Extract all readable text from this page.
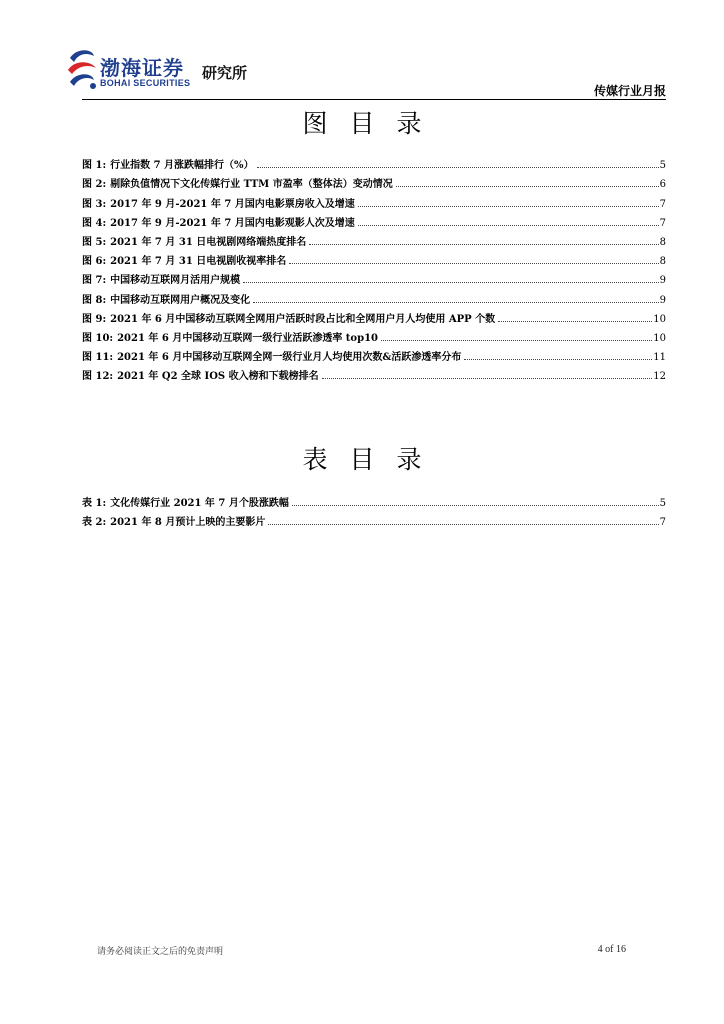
渤海证券
BOHAI SECURITIES
研究所
传媒行业月报
图目录
图 1: 行业指数 7 月涨跌幅排行（%）	5
图 2: 剔除负值情况下文化传媒行业 TTM 市盈率（整体法）变动情况	6
图 3: 2017 年 9 月-2021 年 7 月国内电影票房收入及增速	7
图 4: 2017 年 9 月-2021 年 7 月国内电影观影人次及增速	7
图 5: 2021 年 7 月 31 日电视剧网络端热度排名	8
图 6: 2021 年 7 月 31 日电视剧收视率排名	8
图 7: 中国移动互联网月活用户规模	9
图 8: 中国移动互联网用户概况及变化	9
图 9: 2021 年 6 月中国移动互联网全网用户活跃时段占比和全网用户月人均使用 APP 个数	10
图 10: 2021 年 6 月中国移动互联网一级行业活跃渗透率 top10	10
图 11: 2021 年 6 月中国移动互联网全网一级行业月人均使用次数&活跃渗透率分布	11
图 12: 2021 年 Q2 全球 IOS 收入榜和下载榜排名	12
表目录
表 1: 文化传媒行业 2021 年 7 月个股涨跌幅	5
表 2: 2021 年 8 月预计上映的主要影片	7
请务必阅读正文之后的免责声明	4 of 16
